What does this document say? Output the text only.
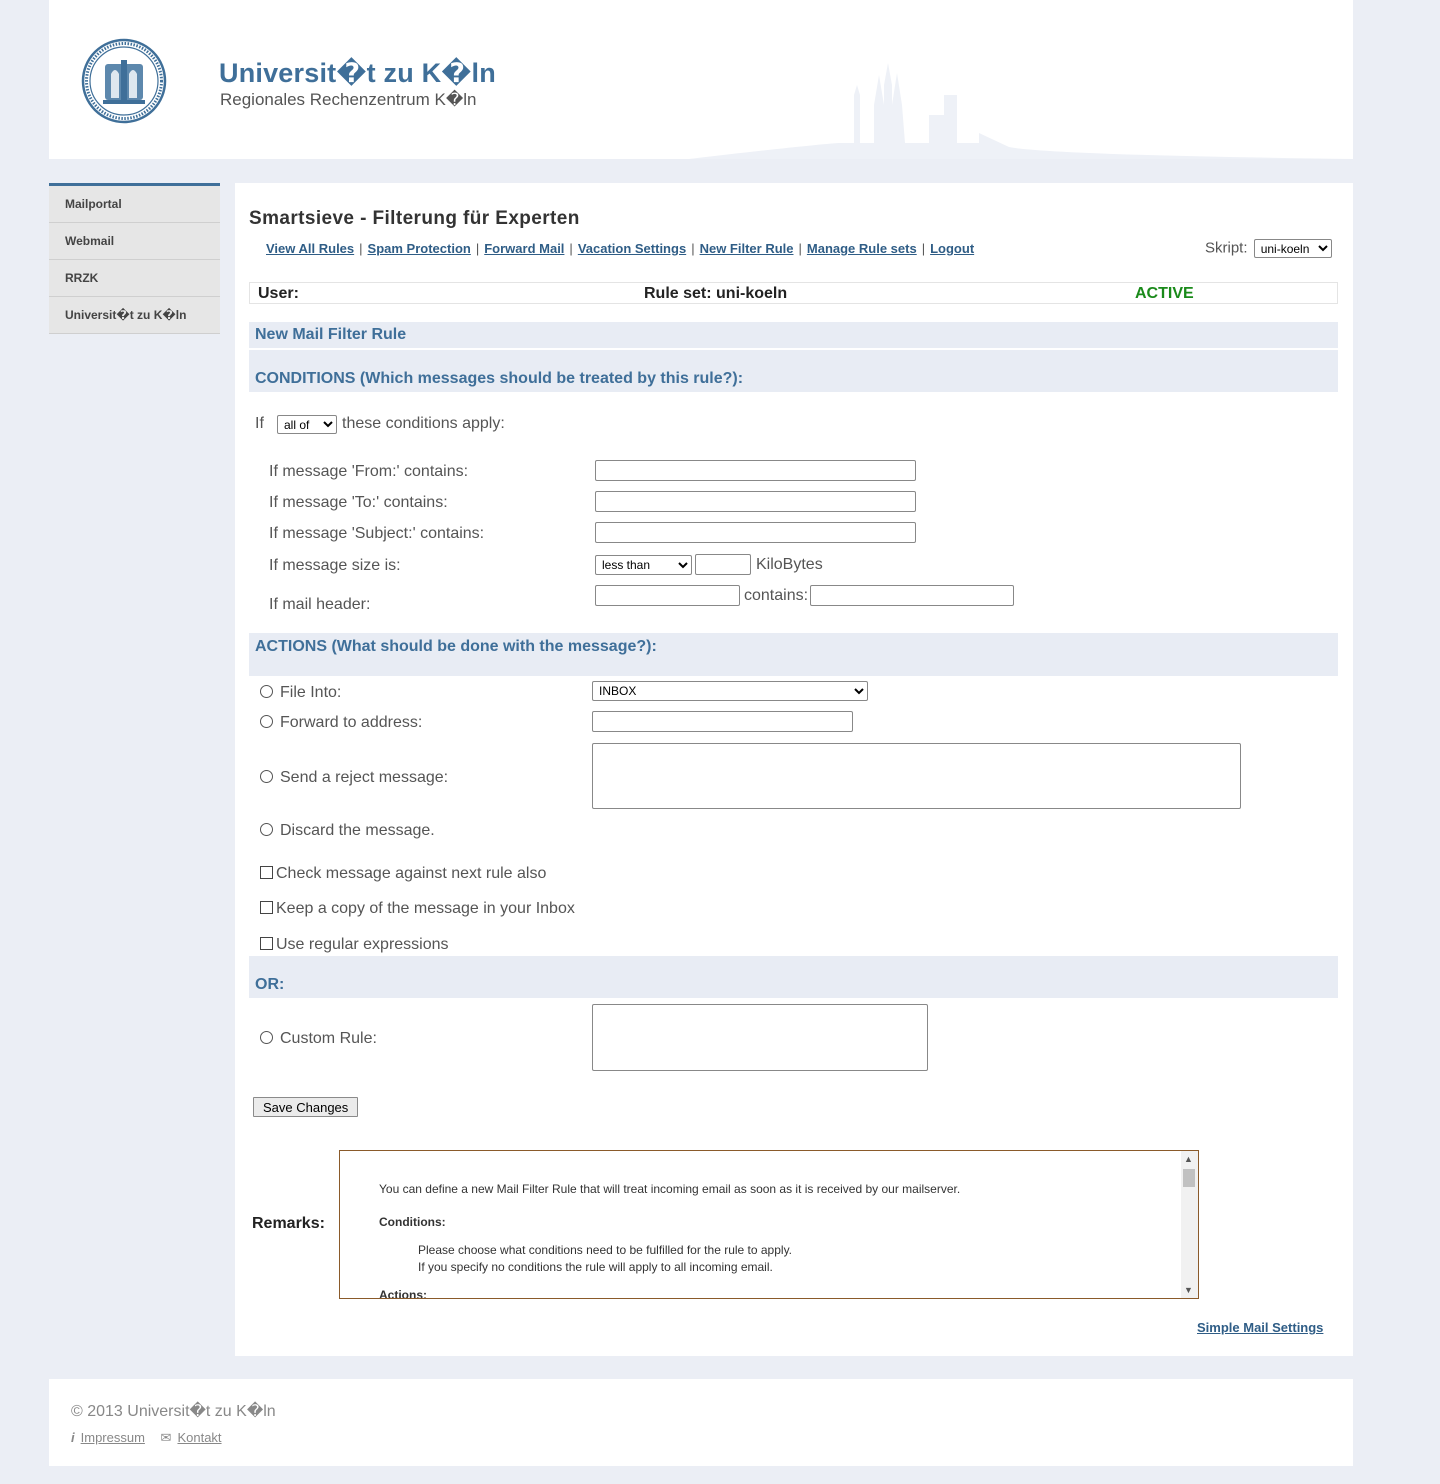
Universit�t zu K�ln
Regionales Rechenzentrum K�ln
Mailportal
Webmail
RRZK
Universit�t zu K�ln
Smartsieve - Filterung für Experten
View All Rules | Spam Protection | Forward Mail | Vacation Settings | New Filter Rule | Manage Rule sets | Logout	Skript:
uni-koeln
User:	Rule set: uni-koeln	ACTIVE
New Mail Filter Rule
CONDITIONS (Which messages should be treated by this rule?):
If
all of	these conditions apply:
If message 'From:' contains:
If message 'To:' contains:
If message 'Subject:' contains:
If message size is:
less than	KiloBytes
If mail header:
contains:
ACTIONS (What should be done with the message?):
File Into:
INBOX
Forward to address:
Send a reject message:
Discard the message.
Check message against next rule also
Keep a copy of the message in your Inbox
Use regular expressions
OR:
Custom Rule:
Save Changes
Remarks:
You can define a new Mail Filter Rule that will treat incoming email as soon as it is received by our mailserver.
Conditions:
Please choose what conditions need to be fulfilled for the rule to apply.
If you specify no conditions the rule will apply to all incoming email.
Actions:
▲
▼
Simple Mail Settings
© 2013 Universit�t zu K�ln
i Impressum ✉ Kontakt
